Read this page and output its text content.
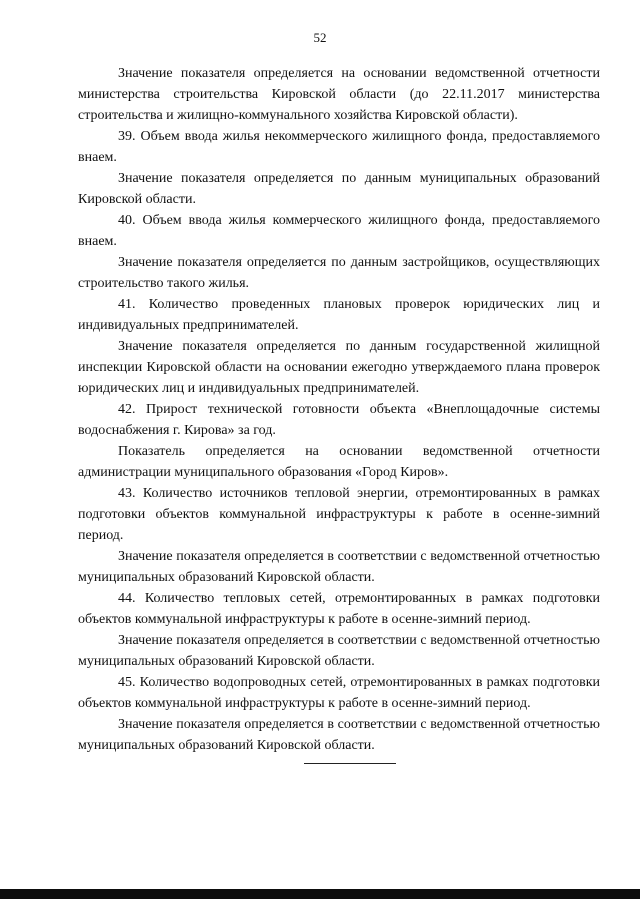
52

Значение показателя определяется на основании ведомственной отчетности министерства строительства Кировской области (до 22.11.2017 министерства строительства и жилищно-коммунального хозяйства Кировской области).

39. Объем ввода жилья некоммерческого жилищного фонда, предоставляемого внаем.

Значение показателя определяется по данным муниципальных образований Кировской области.

40. Объем ввода жилья коммерческого жилищного фонда, предоставляемого внаем.

Значение показателя определяется по данным застройщиков, осуществляющих строительство такого жилья.

41. Количество проведенных плановых проверок юридических лиц и индивидуальных предпринимателей.

Значение показателя определяется по данным государственной жилищной инспекции Кировской области на основании ежегодно утверждаемого плана проверок юридических лиц и индивидуальных предпринимателей.

42. Прирост технической готовности объекта «Внеплощадочные системы водоснабжения г. Кирова» за год.

Показатель определяется на основании ведомственной отчетности администрации муниципального образования «Город Киров».

43. Количество источников тепловой энергии, отремонтированных в рамках подготовки объектов коммунальной инфраструктуры к работе в осенне-зимний период.

Значение показателя определяется в соответствии с ведомственной отчетностью муниципальных образований Кировской области.

44. Количество тепловых сетей, отремонтированных в рамках подготовки объектов коммунальной инфраструктуры к работе в осенне-зимний период.

Значение показателя определяется в соответствии с ведомственной отчетностью муниципальных образований Кировской области.

45. Количество водопроводных сетей, отремонтированных в рамках подготовки объектов коммунальной инфраструктуры к работе в осенне-зимний период.

Значение показателя определяется в соответствии с ведомственной отчетностью муниципальных образований Кировской области.
